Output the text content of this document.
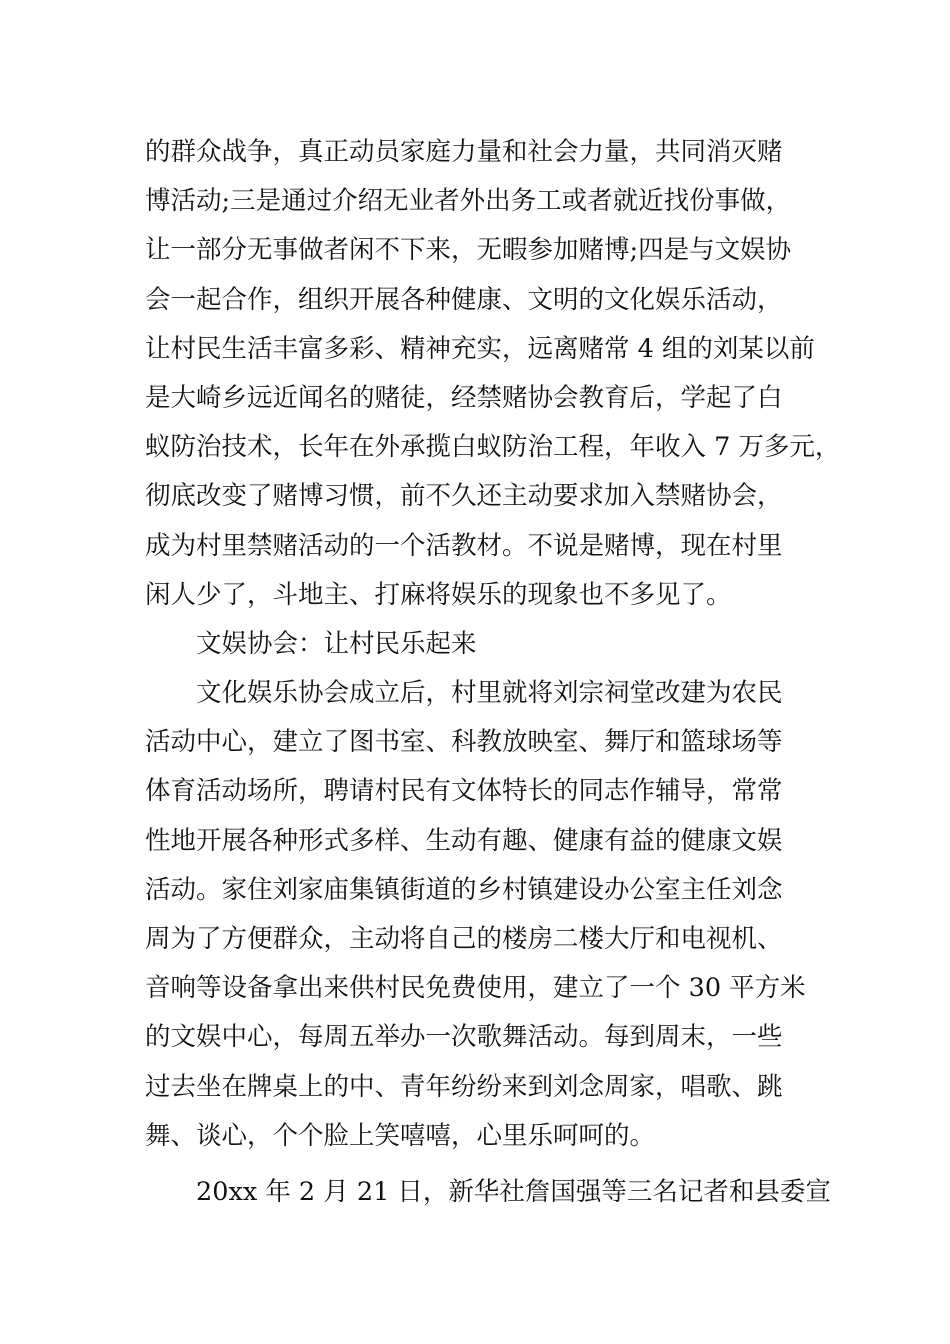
的群众战争，真正动员家庭力量和社会力量，共同消灭赌
博活动;三是通过介绍无业者外出务工或者就近找份事做，
让一部分无事做者闲不下来，无暇参加赌博;四是与文娱协
会一起合作，组织开展各种健康、文明的文化娱乐活动，
让村民生活丰富多彩、精神充实，远离赌常 4 组的刘某以前
是大崎乡远近闻名的赌徒，经禁赌协会教育后，学起了白
蚁防治技术，长年在外承揽白蚁防治工程，年收入 7 万多元，
彻底改变了赌博习惯，前不久还主动要求加入禁赌协会，
成为村里禁赌活动的一个活教材。不说是赌博，现在村里
闲人少了，斗地主、打麻将娱乐的现象也不多见了。
文娱协会：让村民乐起来
文化娱乐协会成立后，村里就将刘宗祠堂改建为农民
活动中心，建立了图书室、科教放映室、舞厅和篮球场等
体育活动场所，聘请村民有文体特长的同志作辅导，常常
性地开展各种形式多样、生动有趣、健康有益的健康文娱
活动。家住刘家庙集镇街道的乡村镇建设办公室主任刘念
周为了方便群众，主动将自己的楼房二楼大厅和电视机、
音响等设备拿出来供村民免费使用，建立了一个 30 平方米
的文娱中心，每周五举办一次歌舞活动。每到周末，一些
过去坐在牌桌上的中、青年纷纷来到刘念周家，唱歌、跳
舞、谈心，个个脸上笑嘻嘻，心里乐呵呵的。
20xx 年 2 月 21 日，新华社詹国强等三名记者和县委宣
